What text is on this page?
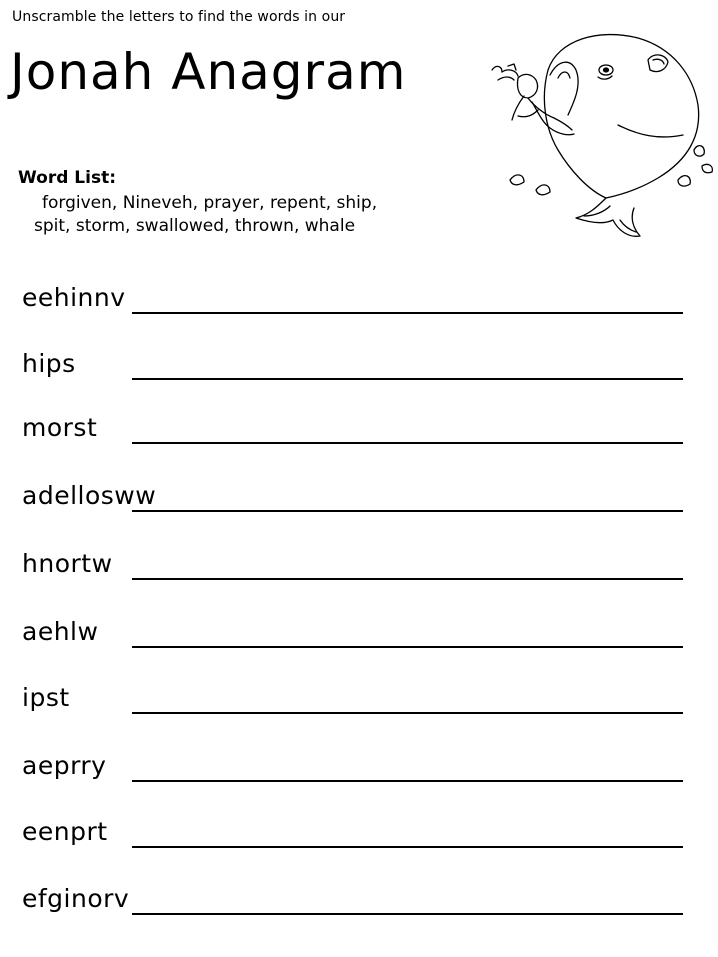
Unscramble the letters to find the words in our
Jonah Anagram
Word List:
forgiven, Nineveh, prayer, repent, ship,
spit, storm, swallowed, thrown, whale
eehinnv
hips
morst
adellosww
hnortw
aehlw
ipst
aeprry
eenprt
efginorv
